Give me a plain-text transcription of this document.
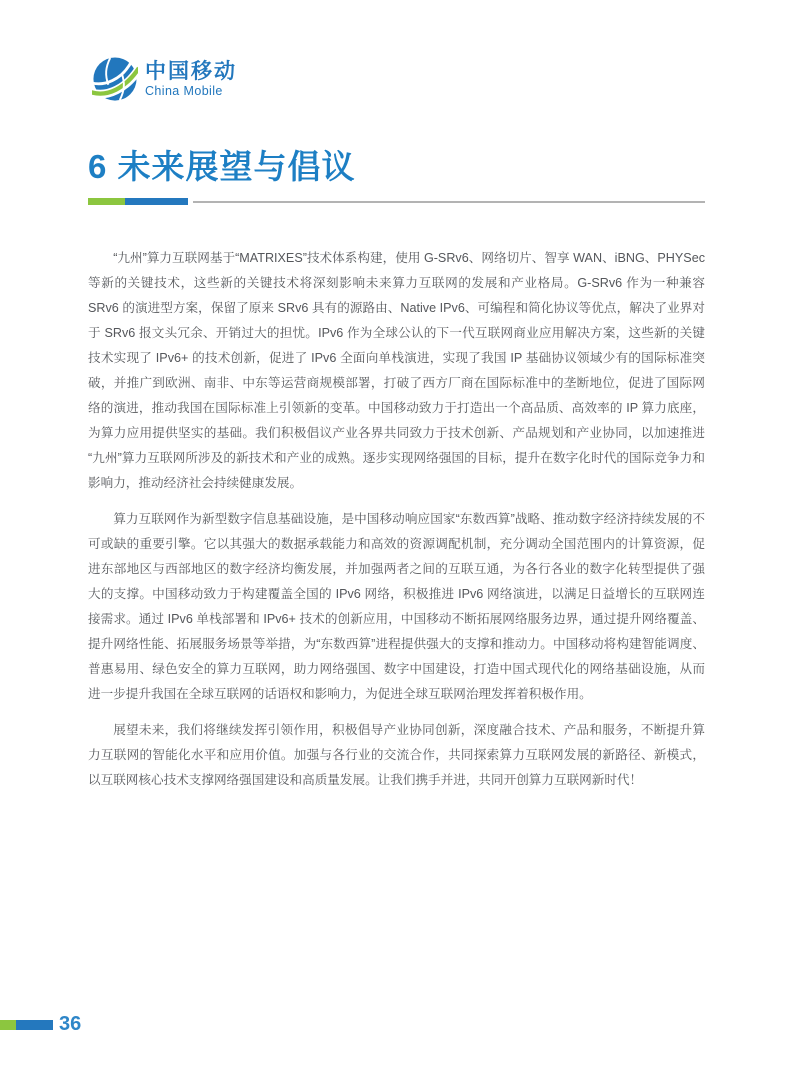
中国移动
China Mobile
6 未来展望与倡议

“九州”算力互联网基于“MATRIXES”技术体系构建，使用 G-SRv6、网络切片、智享 WAN、iBNG、PHYSec 等新的关键技术，这些新的关键技术将深刻影响未来算力互联网的发展和产业格局。G-SRv6 作为一种兼容 SRv6 的演进型方案，保留了原来 SRv6 具有的源路由、Native IPv6、可编程和简化协议等优点，解决了业界对于 SRv6 报文头冗余、开销过大的担忧。IPv6 作为全球公认的下一代互联网商业应用解决方案，这些新的关键技术实现了 IPv6+ 的技术创新，促进了 IPv6 全面向单栈演进，实现了我国 IP 基础协议领域少有的国际标准突破，并推广到欧洲、南非、中东等运营商规模部署，打破了西方厂商在国际标准中的垄断地位，促进了国际网络的演进，推动我国在国际标准上引领新的变革。中国移动致力于打造出一个高品质、高效率的 IP 算力底座，为算力应用提供坚实的基础。我们积极倡议产业各界共同致力于技术创新、产品规划和产业协同，以加速推进“九州”算力互联网所涉及的新技术和产业的成熟。逐步实现网络强国的目标，提升在数字化时代的国际竞争力和影响力，推动经济社会持续健康发展。

算力互联网作为新型数字信息基础设施，是中国移动响应国家“东数西算”战略、推动数字经济持续发展的不可或缺的重要引擎。它以其强大的数据承载能力和高效的资源调配机制，充分调动全国范围内的计算资源，促进东部地区与西部地区的数字经济均衡发展，并加强两者之间的互联互通，为各行各业的数字化转型提供了强大的支撑。中国移动致力于构建覆盖全国的 IPv6 网络，积极推进 IPv6 网络演进，以满足日益增长的互联网连接需求。通过 IPv6 单栈部署和 IPv6+ 技术的创新应用，中国移动不断拓展网络服务边界，通过提升网络覆盖、提升网络性能、拓展服务场景等举措，为“东数西算”进程提供强大的支撑和推动力。中国移动将构建智能调度、普惠易用、绿色安全的算力互联网，助力网络强国、数字中国建设，打造中国式现代化的网络基础设施，从而进一步提升我国在全球互联网的话语权和影响力，为促进全球互联网治理发挥着积极作用。

展望未来，我们将继续发挥引领作用，积极倡导产业协同创新，深度融合技术、产品和服务，不断提升算力互联网的智能化水平和应用价值。加强与各行业的交流合作，共同探索算力互联网发展的新路径、新模式，以互联网核心技术支撑网络强国建设和高质量发展。让我们携手并进，共同开创算力互联网新时代！

36
